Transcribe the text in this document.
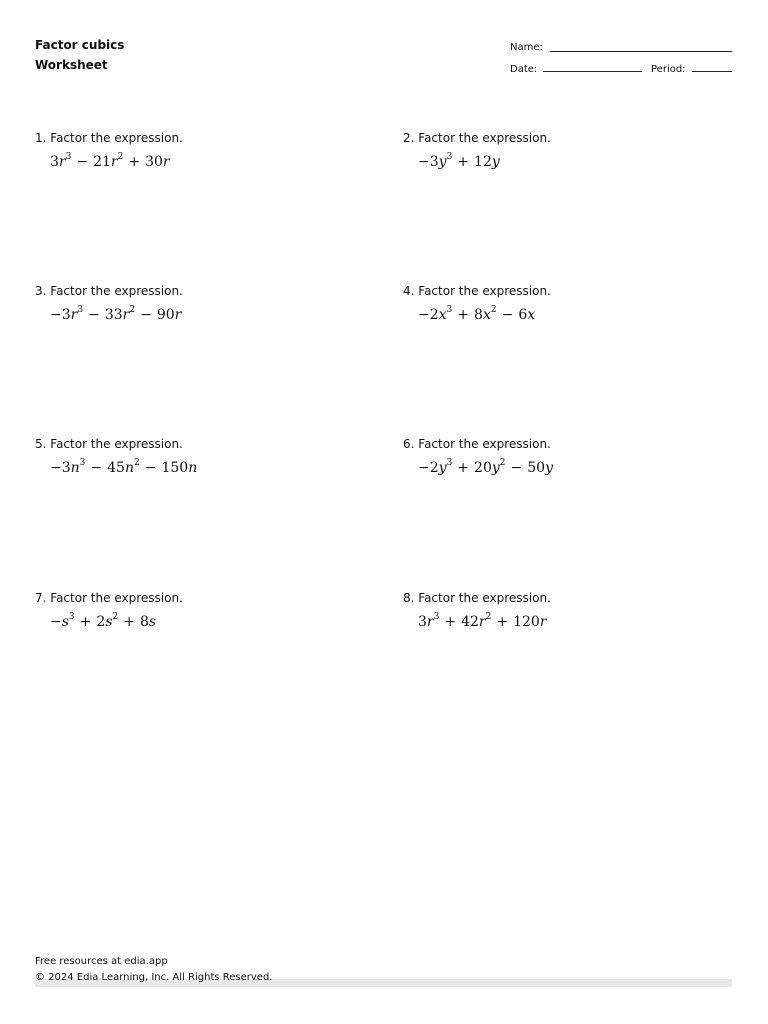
Factor cubics
Worksheet
Name:
Date:	Period:
1. Factor the expression.
$3r^3 - 21r^2 + 30r$
2. Factor the expression.
$-3y^3 + 12y$
3. Factor the expression.
$-3r^3 - 33r^2 - 90r$
4. Factor the expression.
$-2x^3 + 8x^2 - 6x$
5. Factor the expression.
$-3n^3 - 45n^2 - 150n$
6. Factor the expression.
$-2y^3 + 20y^2 - 50y$
7. Factor the expression.
$-s^3 + 2s^2 + 8s$
8. Factor the expression.
$3r^3 + 42r^2 + 120r$
Free resources at edia.app
© 2024 Edia Learning, Inc. All Rights Reserved.
